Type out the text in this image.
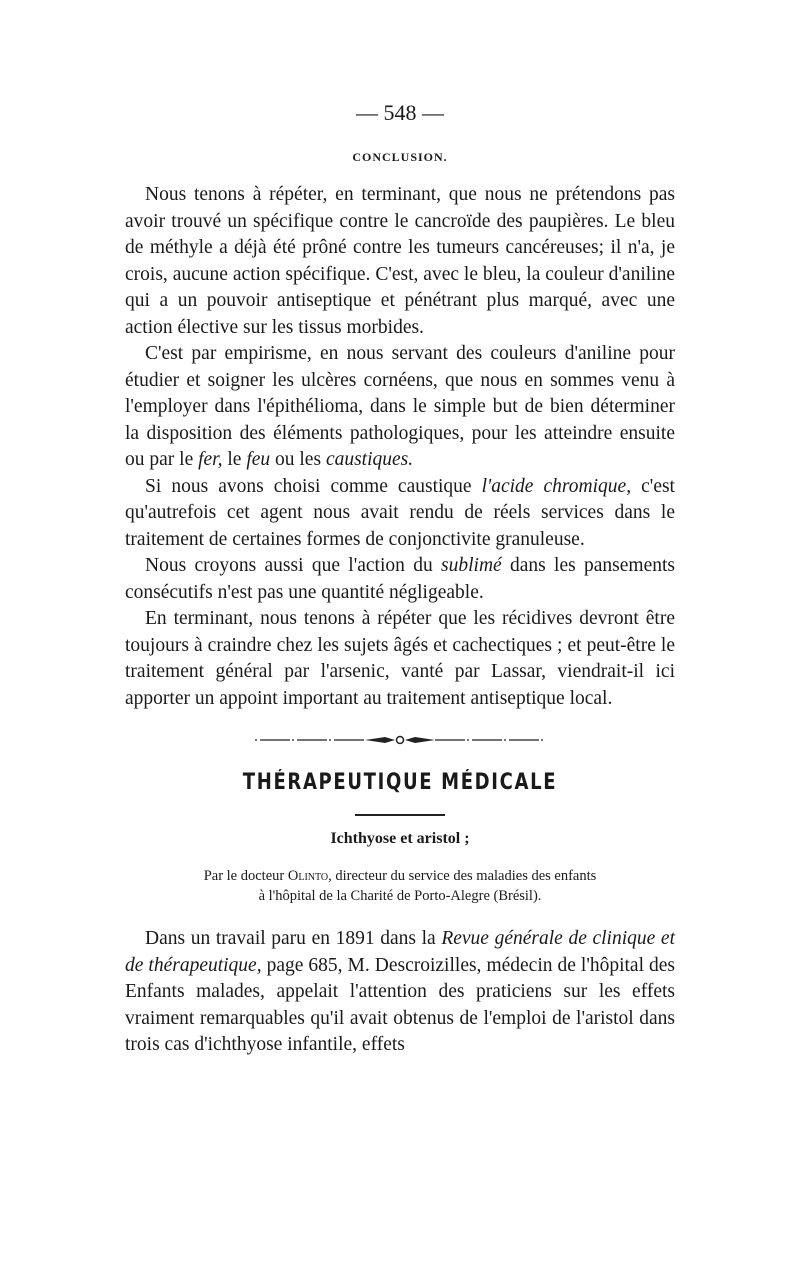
— 548 —
CONCLUSION.

Nous tenons à répéter, en terminant, que nous ne prétendons pas avoir trouvé un spécifique contre le cancroïde des paupières. Le bleu de méthyle a déjà été prôné contre les tumeurs cancéreuses; il n'a, je crois, aucune action spécifique. C'est, avec le bleu, la couleur d'aniline qui a un pouvoir antiseptique et pénétrant plus marqué, avec une action élective sur les tissus morbides.

C'est par empirisme, en nous servant des couleurs d'aniline pour étudier et soigner les ulcères cornéens, que nous en sommes venu à l'employer dans l'épithélioma, dans le simple but de bien déterminer la disposition des éléments pathologiques, pour les atteindre ensuite ou par le fer, le feu ou les caustiques.

Si nous avons choisi comme caustique l'acide chromique, c'est qu'autrefois cet agent nous avait rendu de réels services dans le traitement de certaines formes de conjonctivite granuleuse.

Nous croyons aussi que l'action du sublimé dans les pansements consécutifs n'est pas une quantité négligeable.

En terminant, nous tenons à répéter que les récidives devront être toujours à craindre chez les sujets âgés et cachectiques ; et peut-être le traitement général par l'arsenic, vanté par Lassar, viendrait-il ici apporter un appoint important au traitement antiseptique local.

THÉRAPEUTIQUE MÉDICALE
Ichthyose et aristol ;
Par le docteur Olinto, directeur du service des maladies des enfants
à l'hôpital de la Charité de Porto-Alegre (Brésil).

Dans un travail paru en 1891 dans la Revue générale de clinique et de thérapeutique, page 685, M. Descroizilles, médecin de l'hôpital des Enfants malades, appelait l'attention des praticiens sur les effets vraiment remarquables qu'il avait obtenus de l'emploi de l'aristol dans trois cas d'ichthyose infantile, effets
